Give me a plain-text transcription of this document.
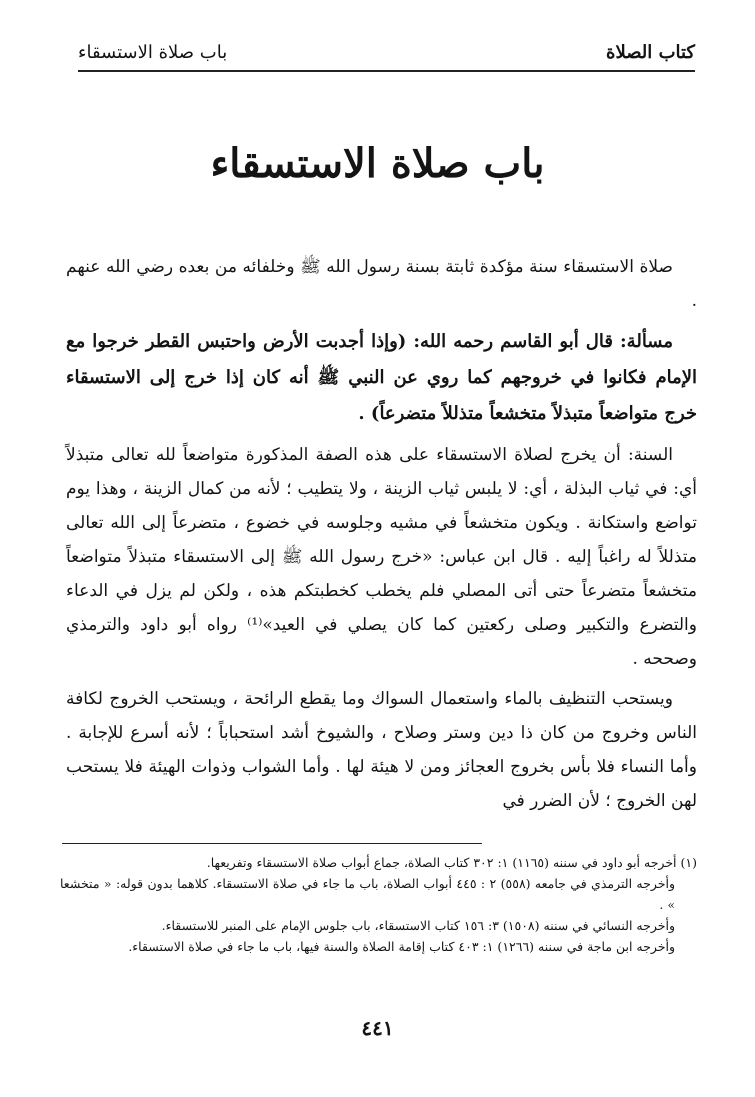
كتاب الصلاة
باب صلاة الاستسقاء
باب صلاة الاستسقاء

صلاة الاستسقاء سنة مؤكدة ثابتة بسنة رسول الله ﷺ وخلفائه من بعده رضي الله عنهم .

مسألة: قال أبو القاسم رحمه الله: (وإذا أجدبت الأرض واحتبس القطر خرجوا مع الإمام فكانوا في خروجهم كما روي عن النبي ﷺ أنه كان إذا خرج إلى الاستسقاء خرج متواضعاً متبذلاً متخشعاً متذللاً متضرعاً) .

السنة: أن يخرج لصلاة الاستسقاء على هذه الصفة المذكورة متواضعاً لله تعالى متبذلاً أي: في ثياب البذلة ، أي: لا يلبس ثياب الزينة ، ولا يتطيب ؛ لأنه من كمال الزينة ، وهذا يوم تواضع واستكانة . ويكون متخشعاً في مشيه وجلوسه في خضوع ، متضرعاً إلى الله تعالى متذللاً له راغباً إليه . قال ابن عباس: «خرج رسول الله ﷺ إلى الاستسقاء متبذلاً متواضعاً متخشعاً متضرعاً حتى أتى المصلي فلم يخطب كخطبتكم هذه ، ولكن لم يزل في الدعاء والتضرع والتكبير وصلى ركعتين كما كان يصلي في العيد»⁽¹⁾ رواه أبو داود والترمذي وصححه .

ويستحب التنظيف بالماء واستعمال السواك وما يقطع الرائحة ، ويستحب الخروج لكافة الناس وخروج من كان ذا دين وستر وصلاح ، والشيوخ أشد استحباباً ؛ لأنه أسرع للإجابة . وأما النساء فلا بأس بخروج العجائز ومن لا هيئة لها . وأما الشواب وذوات الهيئة فلا يستحب لهن الخروج ؛ لأن الضرر في

(١) أخرجه أبو داود في سننه (١١٦٥) ١: ٣٠٢ كتاب الصلاة، جماع أبواب صلاة الاستسقاء وتفريعها.

وأخرجه الترمذي في جامعه (٥٥٨) ٢ : ٤٤٥ أبواب الصلاة، باب ما جاء في صلاة الاستسقاء. كلاهما بدون قوله: « متخشعا » .

وأخرجه النسائي في سننه (١٥٠٨) ٣: ١٥٦ كتاب الاستسقاء، باب جلوس الإمام على المنبر للاستسقاء.

وأخرجه ابن ماجة في سننه (١٢٦٦) ١: ٤٠٣ كتاب إقامة الصلاة والسنة فيها، باب ما جاء في صلاة الاستسقاء.

٤٤١
